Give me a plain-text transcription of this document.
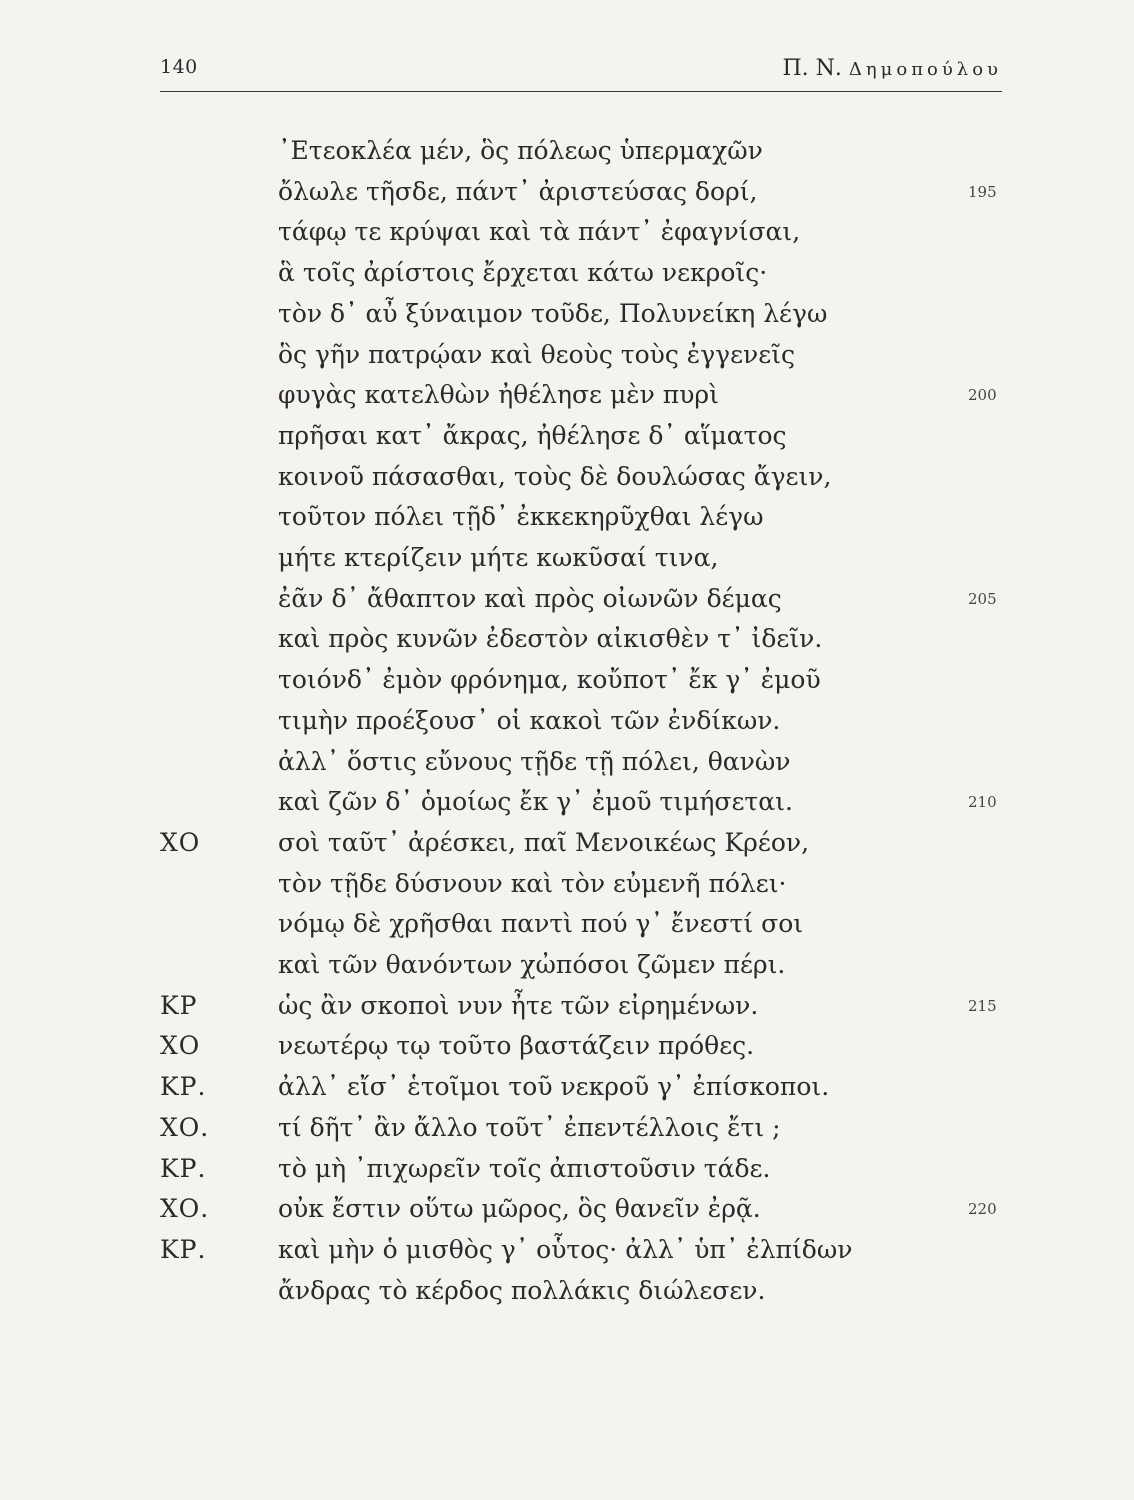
140	Π. Ν. Δημοπούλου
᾿Ετεοκλέα μέν, ὃς πόλεως ὑπερμαχῶν
ὄλωλε τῆσδε, πάντ᾽ ἀριστεύσας δορί,	195
τάφῳ τε κρύψαι καὶ τὰ πάντ᾽ ἐφαγνίσαι,
ἃ τοῖς ἀρίστοις ἔρχεται κάτω νεκροῖς·
τὸν δ᾽ αὖ ξύναιμον τοῦδε, Πολυνείκη λέγω
ὃς γῆν πατρῴαν καὶ θεοὺς τοὺς ἐγγενεῖς
φυγὰς κατελθὼν ἠθέλησε μὲν πυρὶ	200
πρῆσαι κατ᾽ ἄκρας, ἠθέλησε δ᾽ αἵματος
κοινοῦ πάσασθαι, τοὺς δὲ δουλώσας ἄγειν,
τοῦτον πόλει τῇδ᾽ ἐκκεκηρῦχθαι λέγω
μήτε κτερίζειν μήτε κωκῦσαί τινα,
ἐᾶν δ᾽ ἄθαπτον καὶ πρὸς οἰωνῶν δέμας	205
καὶ πρὸς κυνῶν ἐδεστὸν αἰκισθὲν τ᾽ ἰδεῖν.
τοιόνδ᾽ ἐμὸν φρόνημα, κοὔποτ᾽ ἔκ γ᾽ ἐμοῦ
τιμὴν προέξουσ᾽ οἱ κακοὶ τῶν ἐνδίκων.
ἀλλ᾽ ὅστις εὔνους τῇδε τῇ πόλει, θανὼν
καὶ ζῶν δ᾽ ὁμοίως ἔκ γ᾽ ἐμοῦ τιμήσεται.	210
ΧΟ	σοὶ ταῦτ᾽ ἀρέσκει, παῖ Μενοικέως Κρέον,
τὸν τῇδε δύσνουν καὶ τὸν εὐμενῆ πόλει·
νόμῳ δὲ χρῆσθαι παντὶ πού γ᾽ ἔνεστί σοι
καὶ τῶν θανόντων χὠπόσοι ζῶμεν πέρι.
ΚΡ	ὡς ἂν σκοποὶ νυν ἦτε τῶν εἰρημένων.	215
ΧΟ	νεωτέρῳ τῳ τοῦτο βαστάζειν πρόθες.
ΚΡ.	ἀλλ᾽ εἴσ᾽ ἑτοῖμοι τοῦ νεκροῦ γ᾽ ἐπίσκοποι.
ΧΟ.	τί δῆτ᾽ ἂν ἄλλο τοῦτ᾽ ἐπεντέλλοις ἔτι ;
ΚΡ.	τὸ μὴ ᾽πιχωρεῖν τοῖς ἀπιστοῦσιν τάδε.
ΧΟ.	οὐκ ἔστιν οὕτω μῶρος, ὃς θανεῖν ἐρᾷ.	220
ΚΡ.	καὶ μὴν ὁ μισθὸς γ᾽ οὗτος· ἀλλ᾽ ὑπ᾽ ἐλπίδων
ἄνδρας τὸ κέρδος πολλάκις διώλεσεν.
